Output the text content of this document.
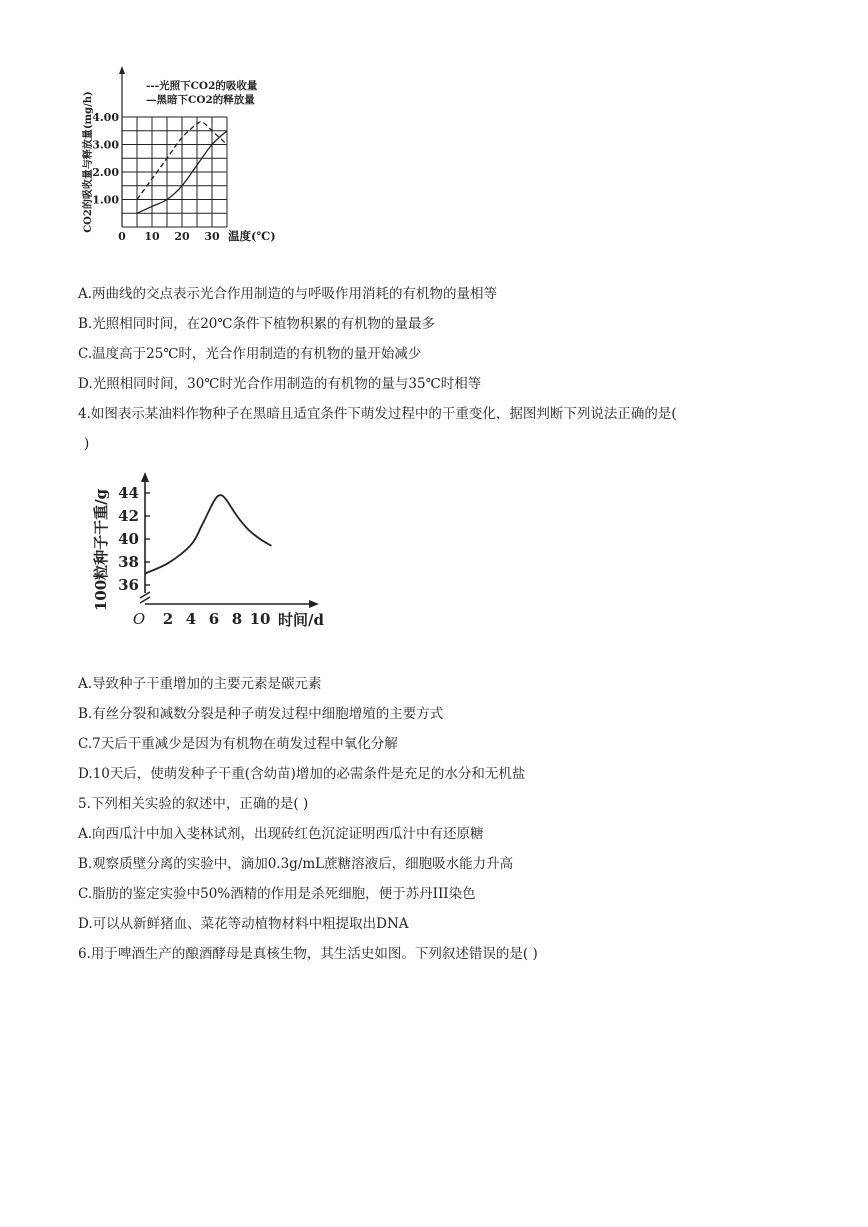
CO2的吸收量与释放量(mg/h)
0 10 20 30
1.00
2.00
3.00
4.00
---光照下CO2的吸收量
—黑暗下CO2的释放量
温度(℃)
100粒种子干重/g
O 2 4 6 8 10
36
38
40
42
44
时间/d
A.两曲线的交点表示光合作用制造的与呼吸作用消耗的有机物的量相等
B.光照相同时间，在20℃条件下植物积累的有机物的量最多
C.温度高于25℃时，光合作用制造的有机物的量开始减少
D.光照相同时间，30℃时光合作用制造的有机物的量与35℃时相等
4.如图表示某油料作物种子在黑暗且适宜条件下萌发过程中的干重变化，据图判断下列说法正确的是(
)
A.导致种子干重增加的主要元素是碳元素
B.有丝分裂和减数分裂是种子萌发过程中细胞增殖的主要方式
C.7天后干重减少是因为有机物在萌发过程中氧化分解
D.10天后，使萌发种子干重(含幼苗)增加的必需条件是充足的水分和无机盐
5.下列相关实验的叙述中，正确的是( )
A.向西瓜汁中加入斐林试剂，出现砖红色沉淀证明西瓜汁中有还原糖
B.观察质壁分离的实验中，滴加0.3g/mL蔗糖溶液后，细胞吸水能力升高
C.脂肪的鉴定实验中50%酒精的作用是杀死细胞，便于苏丹III染色
D.可以从新鲜猪血、菜花等动植物材料中粗提取出DNA
6.用于啤酒生产的酿酒酵母是真核生物，其生活史如图。下列叙述错误的是( )
